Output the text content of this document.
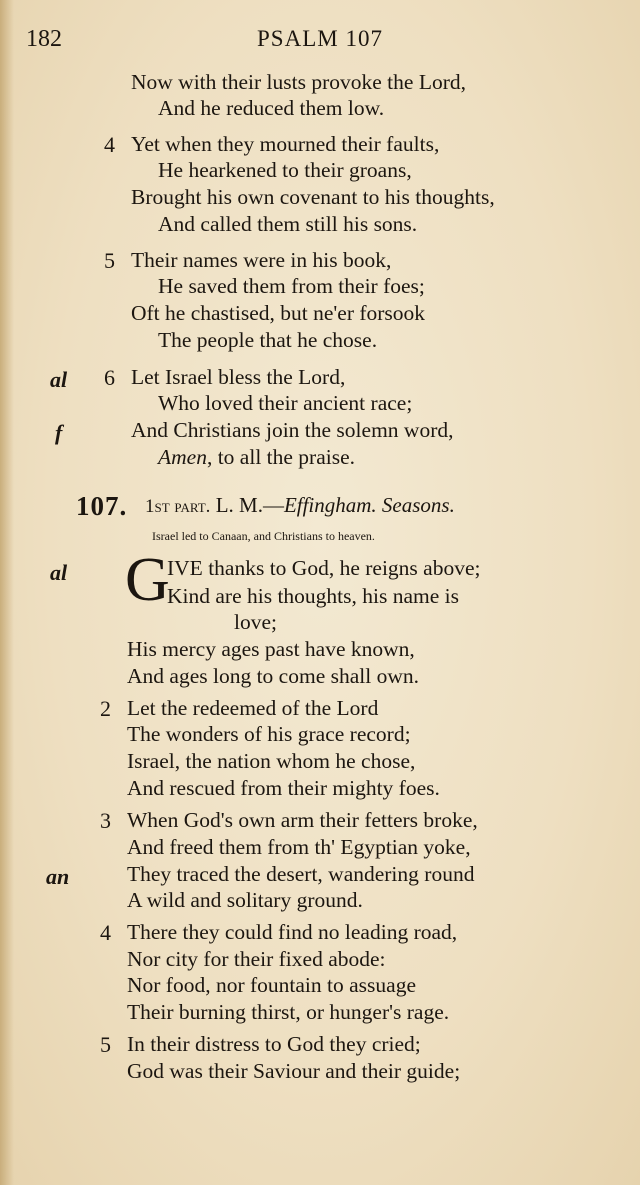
182	PSALM 107
Now with their lusts provoke the Lord,
And he reduced them low.
Yet when they mourned their faults,
4
He hearkened to their groans,
Brought his own covenant to his thoughts,
And called them still his sons.
Their names were in his book,
5
He saved them from their foes;
Oft he chastised, but ne'er forsook
The people that he chose.
Let Israel bless the Lord,
6
al
Who loved their ancient race;
And Christians join the solemn word,
f
Amen, to all the praise.
107. 1st part. L. M.—Effingham. Seasons.
Israel led to Canaan, and Christians to heaven.
al G
IVE thanks to God, he reigns above;
Kind are his thoughts, his name is
love;
His mercy ages past have known,
And ages long to come shall own.
Let the redeemed of the Lord
2
The wonders of his grace record;
Israel, the nation whom he chose,
And rescued from their mighty foes.
When God's own arm their fetters broke,
3
And freed them from th' Egyptian yoke,
They traced the desert, wandering round
an
A wild and solitary ground.
There they could find no leading road,
4
Nor city for their fixed abode:
Nor food, nor fountain to assuage
Their burning thirst, or hunger's rage.
In their distress to God they cried;
5
God was their Saviour and their guide;
